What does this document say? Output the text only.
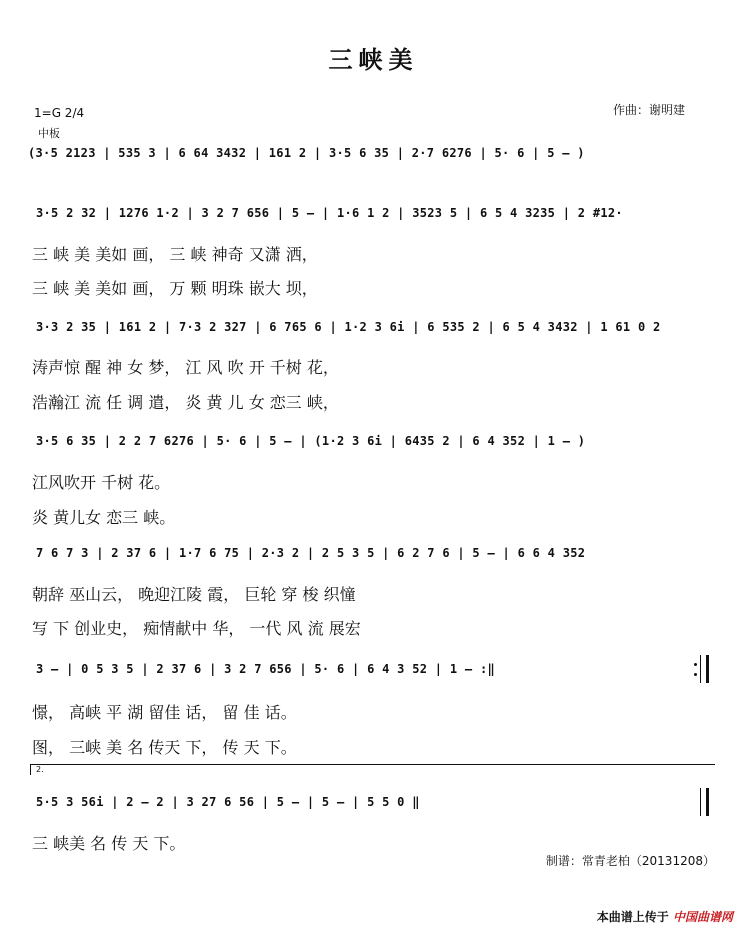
三峡美
1=G 2/4
中板
作曲：谢明建
(3·5 2123 | 535 3 | 6 64 3432 | 161 2 | 3·5 6 35 | 2·7 6276 | 5· 6 | 5 – )
3·5 2 32 | 1276 1·2 | 3 2 7 656 | 5 – | 1·6 1 2 | 3523 5 | 6 5 4 3235 | 2 #12·
三 峡 美 美如 画， 三 峡 神奇 又潇 洒，
三 峡 美 美如 画， 万 颗 明珠 嵌大 坝，
3·3 2 35 | 161 2 | 7·3 2 327 | 6 765 6 | 1·2 3 6i | 6 535 2 | 6 5 4 3432 | 1 61 0 2
涛声惊 醒 神 女 梦， 江 风 吹 开 千树 花，
浩瀚江 流 任 调 遣， 炎 黄 儿 女 恋三 峡，
3·5 6 35 | 2 2 7 6276 | 5· 6 | 5 – | (1·2 3 6i | 6435 2 | 6 4 352 | 1 – )
江风吹开 千树 花。
炎 黄儿女 恋三 峡。
7 6 7 3 | 2 37 6 | 1·7 6 75 | 2·3 2 | 2 5 3 5 | 6 2 7 6 | 5 – | 6 6 4 352
朝辞 巫山云， 晚迎江陵 霞， 巨轮 穿 梭 织憧
写 下 创业史， 痴情献中 华， 一代 风 流 展宏
3 – | 0 5 3 5 | 2 37 6 | 3 2 7 656 | 5· 6 | 6 4 3 52 | 1 – :‖
憬， 高峡 平 湖 留佳 话， 留 佳 话。
图， 三峡 美 名 传天 下， 传 天 下。
2.
5·5 3 56i | 2 – 2 | 3 27 6 56 | 5 – | 5 – | 5 5 0 ‖
三 峡美 名 传 天 下。
制谱：常青老柏（20131208）
本曲谱上传于 中国曲谱网
